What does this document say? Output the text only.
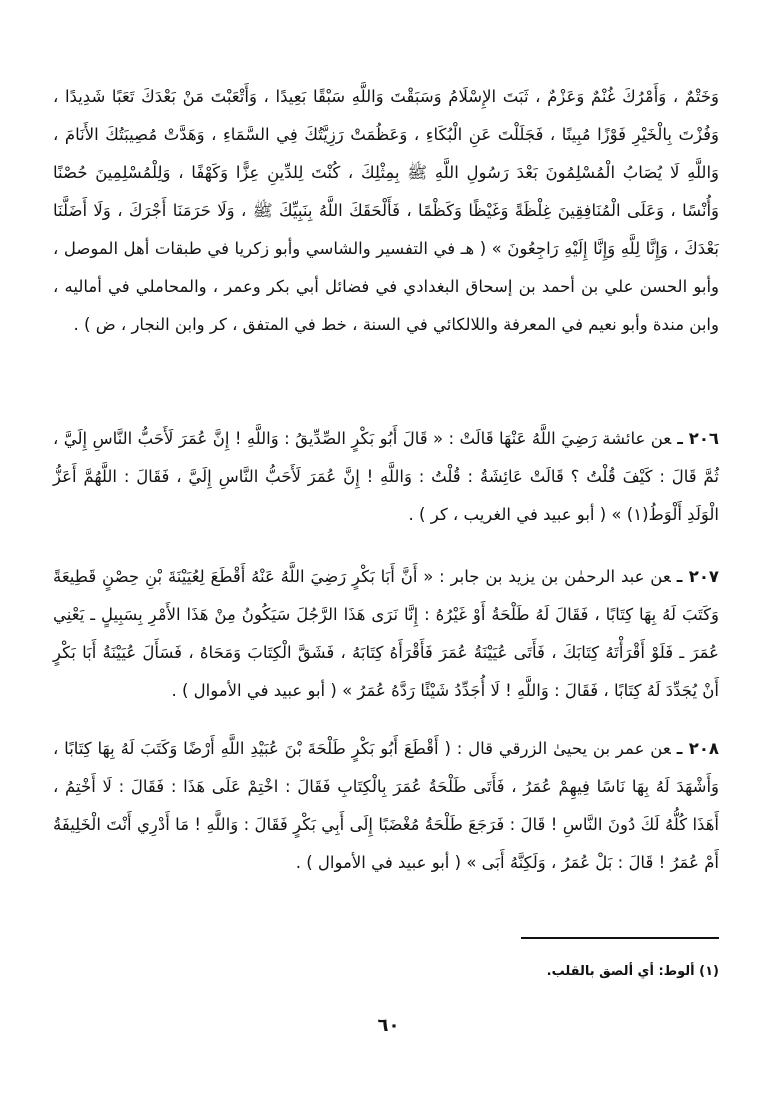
وَخَتْمٌ ، وَأَمْرُكَ غُنْمٌ وَعَزْمٌ ، ثَبَتَ الإِسْلَامُ وَسَبَقْتَ وَاللَّهِ سَبْقًا بَعِيدًا ، وَأَتْعَبْتَ مَنْ بَعْدَكَ تَعَبًا شَدِيدًا ، وَفُزْتَ بِالْخَيْرِ فَوْزًا مُبِينًا ، فَجَلَلْتَ عَنِ الْبُكَاءِ ، وَعَظُمَتْ رَزِيَّتُكَ فِي السَّمَاءِ ، وَهَدَّتْ مُصِيبَتُكَ الأَنَامَ ، وَاللَّهِ لَا يُصَابُ الْمُسْلِمُونَ بَعْدَ رَسُولِ اللَّهِ ﷺ بِمِثْلِكَ ، كُنْتَ لِلدِّينِ عِزًّا وَكَهْفًا ، وَلِلْمُسْلِمِينَ حُصْنًا وَأُنْسًا ، وَعَلَى الْمُنَافِقِينَ غِلْظَةً وَغَيْظًا وَكَظْمًا ، فَأَلْحَقَكَ اللَّهُ بِنَبِيِّكَ ﷺ ، وَلَا حَرَمَنَا أَجْرَكَ ، وَلَا أَضَلَّنَا بَعْدَكَ ، وَإِنَّا لِلَّهِ وَإِنَّا إِلَيْهِ رَاجِعُونَ » ( هـ في التفسير والشاسي وأبو زكريا في طبقات أهل الموصل ، وأبو الحسن علي بن أحمد بن إسحاق البغدادي في فضائل أبي بكر وعمر ، والمحاملي في أماليه ، وابن مندة وأبو نعيم في المعرفة واللالكائي في السنة ، خط في المتفق ، كر وابن النجار ، ض ) .

٢٠٦ ـعن عائشة رَضِيَ اللَّهُ عَنْهَا قَالَتْ : « قَالَ أَبُو بَكْرٍ الصِّدِّيقُ : وَاللَّهِ ! إِنَّ عُمَرَ لَأَحَبُّ النَّاسِ إِلَيَّ ، ثُمَّ قَالَ : كَيْفَ قُلْتُ ؟ قَالَتْ عَائِشَةُ : قُلْتُ : وَاللَّهِ ! إِنَّ عُمَرَ لَأَحَبُّ النَّاسِ إِلَيَّ ، فَقَالَ : اللَّهُمَّ أَعَزُّ الْوَلَدِ أَلْوَطُ(١) » ( أبو عبيد في الغريب ، كر ) .

٢٠٧ ـعن عبد الرحمٰن بن يزيد بن جابر : « أَنَّ أَبَا بَكْرٍ رَضِيَ اللَّهُ عَنْهُ أَقْطَعَ لِعُيَيْنَةَ بْنِ حِصْنٍ قَطِيعَةً وَكَتَبَ لَهُ بِهَا كِتَابًا ، فَقَالَ لَهُ طَلْحَةُ أَوْ غَيْرُهُ : إِنَّا نَرَى هَذَا الرَّجُلَ سَيَكُونُ مِنْ هَذَا الأَمْرِ بِسَبِيلٍ ـ يَعْنِي عُمَرَ ـ فَلَوْ أَقْرَأْتَهُ كِتَابَكَ ، فَأَتَى عُيَيْنَةُ عُمَرَ فَأَقْرَأَهُ كِتَابَهُ ، فَشَقَّ الْكِتَابَ وَمَحَاهُ ، فَسَأَلَ عُيَيْنَةُ أَبَا بَكْرٍ أَنْ يُجَدِّدَ لَهُ كِتَابًا ، فَقَالَ : وَاللَّهِ ! لَا أُجَدِّدُ شَيْئًا رَدَّهُ عُمَرُ » ( أبو عبيد في الأموال ) .

٢٠٨ ـعن عمر بن يحيىٰ الزرقي قال : ( أَقْطَعَ أَبُو بَكْرٍ طَلْحَةَ بْنَ عُبَيْدِ اللَّهِ أَرْضًا وَكَتَبَ لَهُ بِهَا كِتَابًا ، وَأَشْهَدَ لَهُ بِهَا نَاسًا فِيهِمْ عُمَرُ ، فَأَتَى طَلْحَةُ عُمَرَ بِالْكِتَابِ فَقَالَ : اخْتِمْ عَلَى هَذَا : فَقَالَ : لَا أَخْتِمُ ، أَهَذَا كُلُّهُ لَكَ دُونَ النَّاسِ ! قَالَ : فَرَجَعَ طَلْحَةُ مُغْضَبًا إِلَى أَبِي بَكْرٍ فَقَالَ : وَاللَّهِ ! مَا أَدْرِي أَنْتَ الْخَلِيفَةُ أَمْ عُمَرُ ! قَالَ : بَلْ عُمَرُ ، وَلَكِنَّهُ أَبَى » ( أبو عبيد في الأموال ) .

(١) ألوط: أي ألصق بالقلب.

٦٠
